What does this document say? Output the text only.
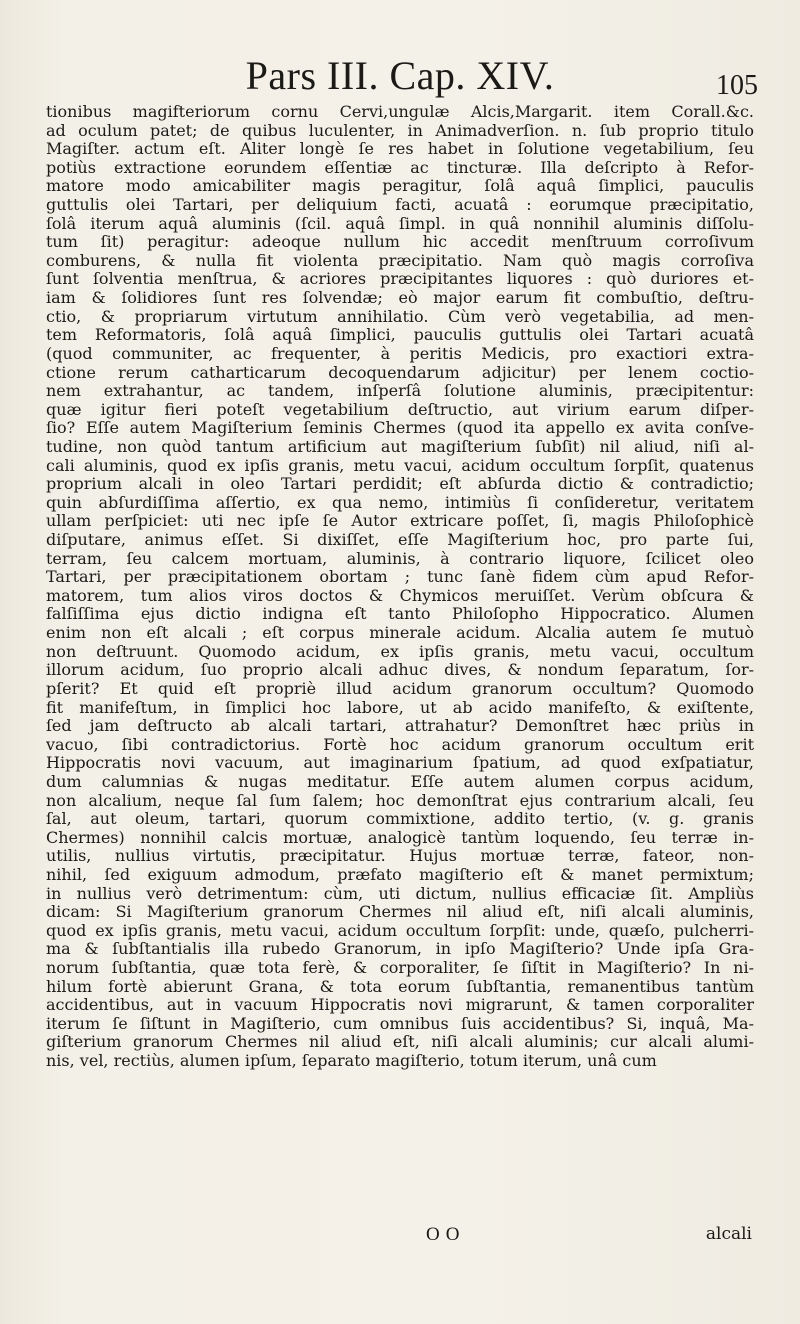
Pars III. Cap. XIV.	105
tionibus magifteriorum cornu Cervi,ungulæ Alcis,Margarit. item Corall.&c.
ad oculum patet; de quibus luculenter, in Animadverſion. n. ſub proprio titulo
Magiſter. actum eſt. Aliter longè ſe res habet in ſolutione vegetabilium, ſeu
potiùs extractione eorundem eſſentiæ ac tincturæ. Illa deſcripto à Refor-
matore modo amicabiliter magis peragitur, ſolâ aquâ ſimplici, pauculis
guttulis olei Tartari, per deliquium facti, acuatâ : eorumque præcipitatio,
ſolâ iterum aquâ aluminis (ſcil. aquâ ſimpl. in quâ nonnihil aluminis diſſolu-
tum ſit) peragitur: adeoque nullum hic accedit menſtruum corroſivum
comburens, & nulla fit violenta præcipitatio. Nam quò magis corroſiva
ſunt ſolventia menſtrua, & acriores præcipitantes liquores : quò duriores et-
iam & ſolidiores ſunt res ſolvendæ; eò major earum fit combuſtio, deſtru-
ctio, & propriarum virtutum annihilatio. Cùm verò vegetabilia, ad men-
tem Reformatoris, ſolâ aquâ ſimplici, pauculis guttulis olei Tartari acuatâ
(quod communiter, ac frequenter, à peritis Medicis, pro exactiori extra-
ctione rerum catharticarum decoquendarum adjicitur) per lenem coctio-
nem extrahantur, ac tandem, inſperſâ ſolutione aluminis, præcipitentur:
quæ igitur fieri poteſt vegetabilium deſtructio, aut virium earum diſper-
ſio? Eſſe autem Magiſterium ſeminis Chermes (quod ita appello ex avita conſve-
tudine, non quòd tantum artificium aut magiſterium ſubſit) nil aliud, niſi al-
cali aluminis, quod ex ipſis granis, metu vacui, acidum occultum ſorpſit, quatenus
proprium alcali in oleo Tartari perdidit; eſt abſurda dictio & contradictio;
quin abſurdiſſima aſſertio, ex qua nemo, intimiùs ſi conſideretur, veritatem
ullam perſpiciet: uti nec ipſe ſe Autor extricare poſſet, ſi, magis Philoſophicè
diſputare, animus eſſet. Si dixiſſet, eſſe Magiſterium hoc, pro parte ſui,
terram, ſeu calcem mortuam, aluminis, à contrario liquore, ſcilicet oleo
Tartari, per præcipitationem obortam ; tunc ſanè fidem cùm apud Refor-
matorem, tum alios viros doctos & Chymicos meruiſſet. Verùm obſcura &
falſiſſima ejus dictio indigna eſt tanto Philoſopho Hippocratico. Alumen
enim non eſt alcali ; eſt corpus minerale acidum. Alcalia autem ſe mutuò
non deſtruunt. Quomodo acidum, ex ipſis granis, metu vacui, occultum
illorum acidum, ſuo proprio alcali adhuc dives, & nondum ſeparatum, ſor-
pſerit? Et quid eſt propriè illud acidum granorum occultum? Quomodo
fit manifeſtum, in ſimplici hoc labore, ut ab acido manifeſto, & exiſtente,
ſed jam deſtructo ab alcali tartari, attrahatur? Demonſtret hæc priùs in
vacuo, ſibi contradictorius. Fortè hoc acidum granorum occultum erit
Hippocratis novi vacuum, aut imaginarium ſpatium, ad quod exſpatiatur,
dum calumnias & nugas meditatur. Eſſe autem alumen corpus acidum,
non alcalium, neque ſal ſum ſalem; hoc demonſtrat ejus contrarium alcali, ſeu
ſal, aut oleum, tartari, quorum commixtione, addito tertio, (v. g. granis
Chermes) nonnihil calcis mortuæ, analogicè tantùm loquendo, ſeu terræ in-
utilis, nullius virtutis, præcipitatur. Hujus mortuæ terræ, fateor, non-
nihil, ſed exiguum admodum, præfato magiſterio eſt & manet permixtum;
in nullius verò detrimentum: cùm, uti dictum, nullius efficaciæ ſit. Ampliùs
dicam: Si Magiſterium granorum Chermes nil aliud eſt, niſi alcali aluminis,
quod ex ipſis granis, metu vacui, acidum occultum ſorpſit: unde, quæſo, pulcherri-
ma & ſubſtantialis illa rubedo Granorum, in ipſo Magiſterio? Unde ipſa Gra-
norum ſubſtantia, quæ tota ferè, & corporaliter, ſe ſiſtit in Magiſterio? In ni-
hilum fortè abierunt Grana, & tota eorum ſubſtantia, remanentibus tantùm
accidentibus, aut in vacuum Hippocratis novi migrarunt, & tamen corporaliter
iterum ſe ſiſtunt in Magiſterio, cum omnibus ſuis accidentibus? Si, inquâ, Ma-
giſterium granorum Chermes nil aliud eſt, niſi alcali aluminis; cur alcali alumi-
nis, vel, rectiùs, alumen ipſum, ſeparato magiſterio, totum iterum, unâ cum
OO	alcali
